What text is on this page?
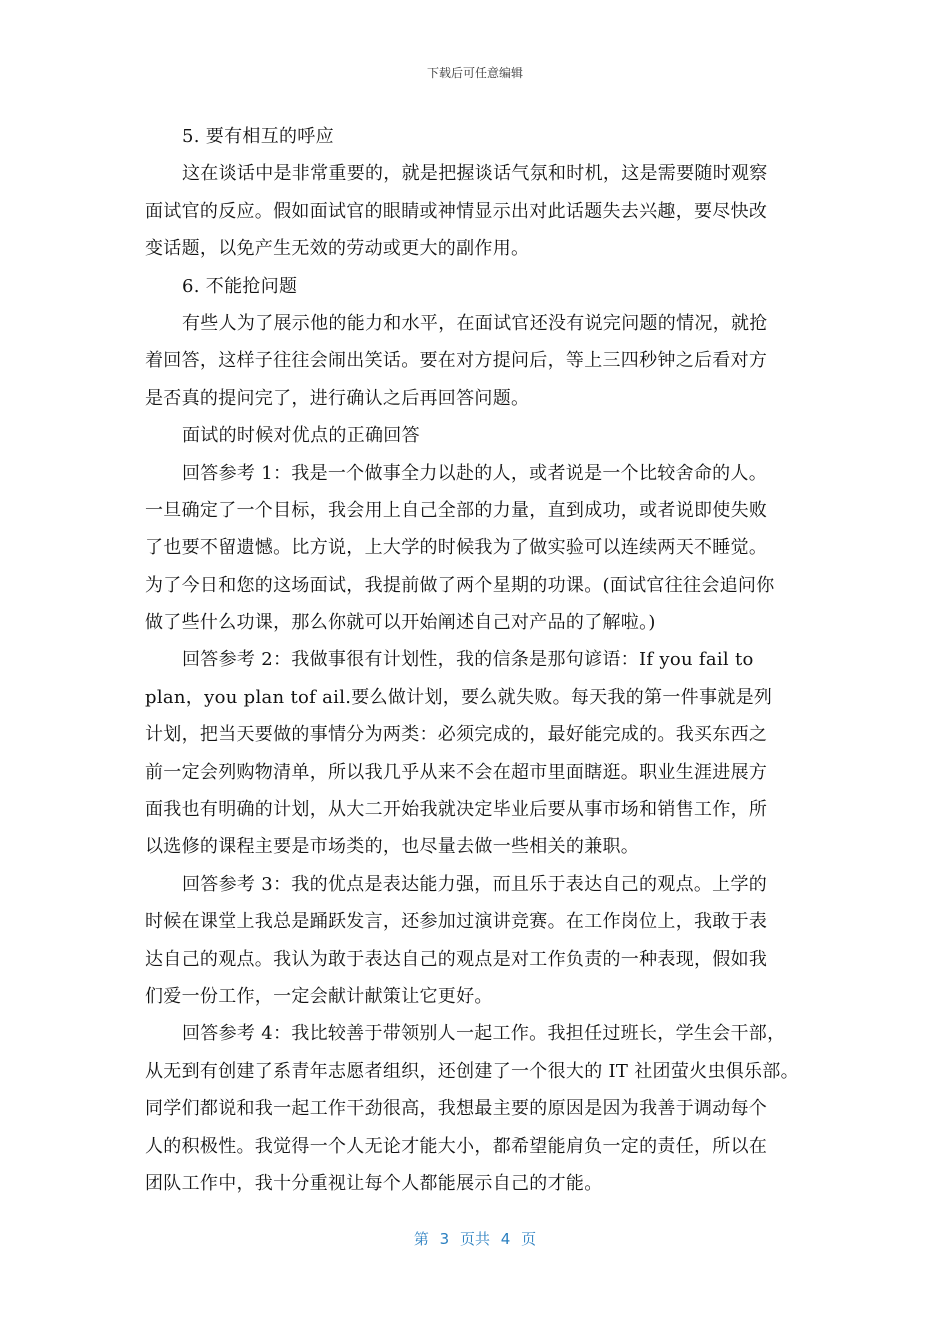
下载后可任意编辑
5. 要有相互的呼应
这在谈话中是非常重要的，就是把握谈话气氛和时机，这是需要随时观察
面试官的反应。假如面试官的眼睛或神情显示出对此话题失去兴趣，要尽快改
变话题，以免产生无效的劳动或更大的副作用。
6. 不能抢问题
有些人为了展示他的能力和水平，在面试官还没有说完问题的情况，就抢
着回答，这样子往往会闹出笑话。要在对方提问后，等上三四秒钟之后看对方
是否真的提问完了，进行确认之后再回答问题。
面试的时候对优点的正确回答
回答参考 1：我是一个做事全力以赴的人，或者说是一个比较舍命的人。
一旦确定了一个目标，我会用上自己全部的力量，直到成功，或者说即使失败
了也要不留遗憾。比方说，上大学的时候我为了做实验可以连续两天不睡觉。
为了今日和您的这场面试，我提前做了两个星期的功课。(面试官往往会追问你
做了些什么功课，那么你就可以开始阐述自己对产品的了解啦。)
回答参考 2：我做事很有计划性，我的信条是那句谚语：If you fail to
plan，you plan tof ail.要么做计划，要么就失败。每天我的第一件事就是列
计划，把当天要做的事情分为两类：必须完成的，最好能完成的。我买东西之
前一定会列购物清单，所以我几乎从来不会在超市里面瞎逛。职业生涯进展方
面我也有明确的计划，从大二开始我就决定毕业后要从事市场和销售工作，所
以选修的课程主要是市场类的，也尽量去做一些相关的兼职。
回答参考 3：我的优点是表达能力强，而且乐于表达自己的观点。上学的
时候在课堂上我总是踊跃发言，还参加过演讲竞赛。在工作岗位上，我敢于表
达自己的观点。我认为敢于表达自己的观点是对工作负责的一种表现，假如我
们爱一份工作，一定会献计献策让它更好。
回答参考 4：我比较善于带领别人一起工作。我担任过班长，学生会干部，
从无到有创建了系青年志愿者组织，还创建了一个很大的 IT 社团萤火虫俱乐部。
同学们都说和我一起工作干劲很高，我想最主要的原因是因为我善于调动每个
人的积极性。我觉得一个人无论才能大小，都希望能肩负一定的责任，所以在
团队工作中，我十分重视让每个人都能展示自己的才能。
第 3 页共 4 页
